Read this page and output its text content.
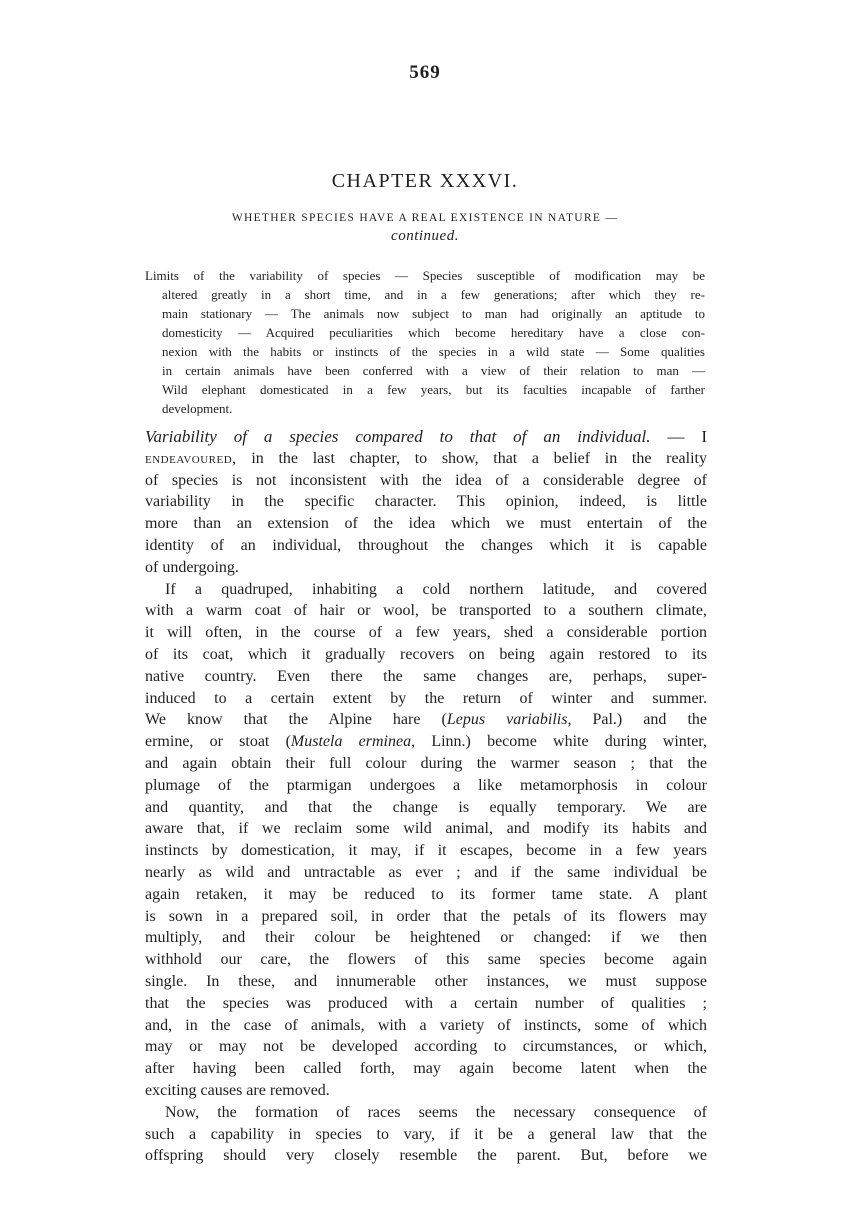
569
CHAPTER XXXVI.
WHETHER SPECIES HAVE A REAL EXISTENCE IN NATURE —
continued.
Limits of the variability of species — Species susceptible of modification may be
altered greatly in a short time, and in a few generations; after which they re-
main stationary — The animals now subject to man had originally an aptitude to
domesticity — Acquired peculiarities which become hereditary have a close con-
nexion with the habits or instincts of the species in a wild state — Some qualities
in certain animals have been conferred with a view of their relation to man —
Wild elephant domesticated in a few years, but its faculties incapable of farther
development.
Variability of a species compared to that of an individual. — I
endeavoured, in the last chapter, to show, that a belief in the reality
of species is not inconsistent with the idea of a considerable degree of
variability in the specific character. This opinion, indeed, is little
more than an extension of the idea which we must entertain of the
identity of an individual, throughout the changes which it is capable
of undergoing.
If a quadruped, inhabiting a cold northern latitude, and covered
with a warm coat of hair or wool, be transported to a southern climate,
it will often, in the course of a few years, shed a considerable portion
of its coat, which it gradually recovers on being again restored to its
native country. Even there the same changes are, perhaps, super-
induced to a certain extent by the return of winter and summer.
We know that the Alpine hare (Lepus variabilis, Pal.) and the
ermine, or stoat (Mustela erminea, Linn.) become white during winter,
and again obtain their full colour during the warmer season ; that the
plumage of the ptarmigan undergoes a like metamorphosis in colour
and quantity, and that the change is equally temporary. We are
aware that, if we reclaim some wild animal, and modify its habits and
instincts by domestication, it may, if it escapes, become in a few years
nearly as wild and untractable as ever ; and if the same individual be
again retaken, it may be reduced to its former tame state. A plant
is sown in a prepared soil, in order that the petals of its flowers may
multiply, and their colour be heightened or changed: if we then
withhold our care, the flowers of this same species become again
single. In these, and innumerable other instances, we must suppose
that the species was produced with a certain number of qualities ;
and, in the case of animals, with a variety of instincts, some of which
may or may not be developed according to circumstances, or which,
after having been called forth, may again become latent when the
exciting causes are removed.
Now, the formation of races seems the necessary consequence of
such a capability in species to vary, if it be a general law that the
offspring should very closely resemble the parent. But, before we
